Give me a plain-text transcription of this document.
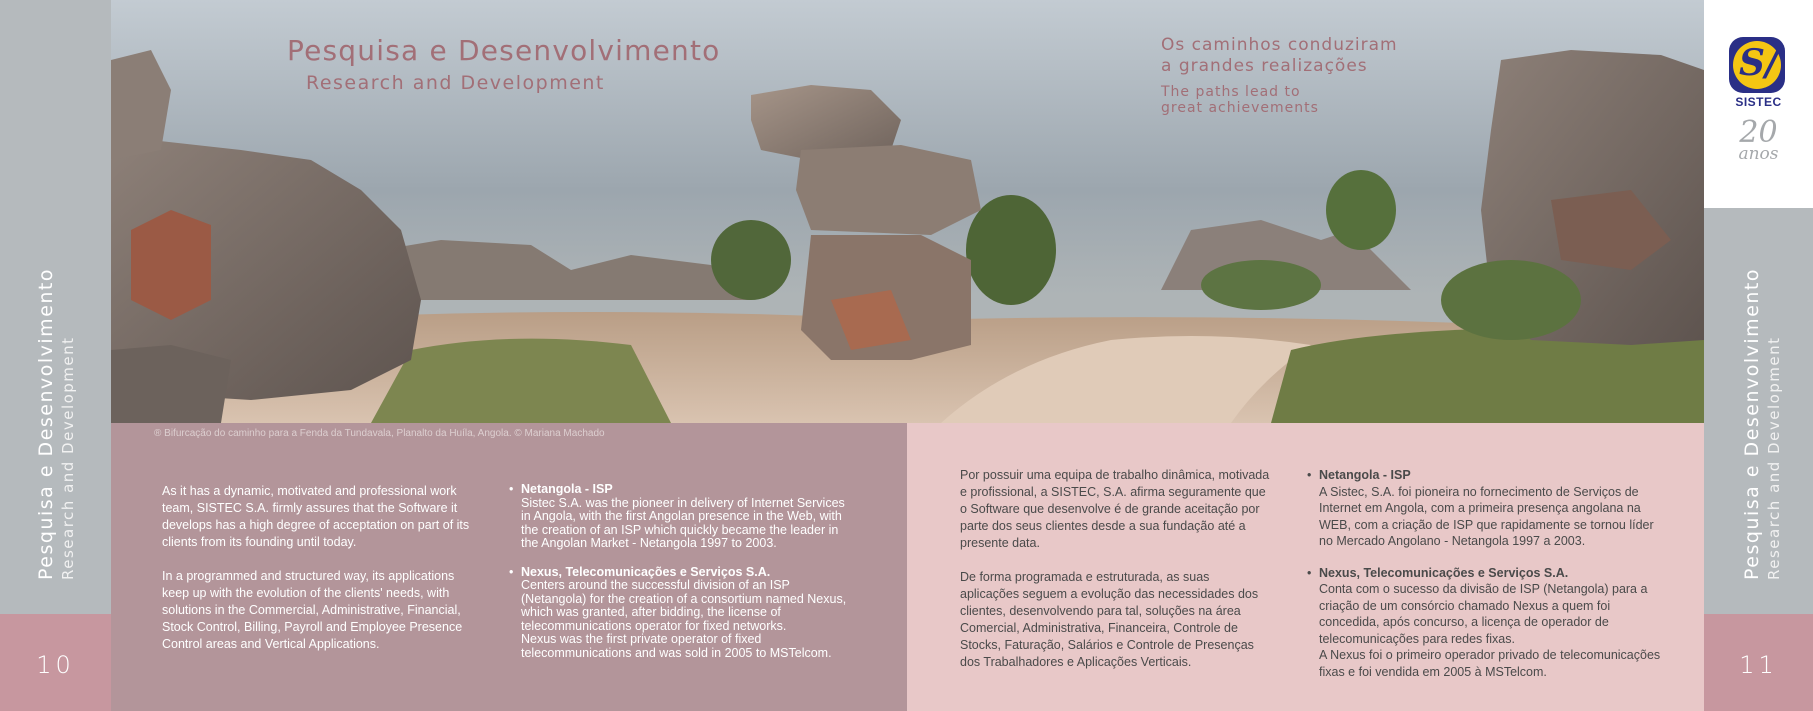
Pesquisa e Desenvolvimento Research and Development
10
Pesquisa e Desenvolvimento Research and Development
11
S/
SISTEC
20
anos
Pesquisa e Desenvolvimento
Research and Development
Os caminhos conduziram
a grandes realizações
The paths lead to
great achievements
® Bifurcação do caminho para a Fenda da Tundavala, Planalto da Huíla, Angola. © Mariana Machado

As it has a dynamic, motivated and professional work team, SISTEC S.A. firmly assures that the Software it develops has a high degree of acceptation on part of its clients from its founding until today.

In a programmed and structured way, its applications keep up with the evolution of the clients' needs, with solutions in the Commercial, Administrative, Financial, Stock Control, Billing, Payroll and Employee Presence Control areas and Vertical Applications.

• Netangola - ISP
Sistec S.A. was the pioneer in delivery of Internet Services in Angola, with the first Angolan presence in the Web, with the creation of an ISP which quickly became the leader in the Angolan Market - Netangola 1997 to 2003.
• Nexus, Telecomunicações e Serviços S.A.
Centers around the successful division of an ISP (Netangola) for the creation of a consortium named Nexus, which was granted, after bidding, the license of telecommunications operator for fixed networks.
Nexus was the first private operator of fixed telecommunications and was sold in 2005 to MSTelcom.

Por possuir uma equipa de trabalho dinâmica, motivada e profissional, a SISTEC, S.A. afirma seguramente que o Software que desenvolve é de grande aceitação por parte dos seus clientes desde a sua fundação até a presente data.

De forma programada e estruturada, as suas aplicações seguem a evolução das necessidades dos clientes, desenvolvendo para tal, soluções na área Comercial, Administrativa, Financeira, Controle de Stocks, Faturação, Salários e Controle de Presenças dos Trabalhadores e Aplicações Verticais.

• Netangola - ISP
A Sistec, S.A. foi pioneira no fornecimento de Serviços de Internet em Angola, com a primeira presença angolana na WEB, com a criação de ISP que rapidamente se tornou líder no Mercado Angolano - Netangola 1997 a 2003.
• Nexus, Telecomunicações e Serviços S.A.
Conta com o sucesso da divisão de ISP (Netangola) para a criação de um consórcio chamado Nexus a quem foi concedida, após concurso, a licença de operador de telecomunicações para redes fixas.
A Nexus foi o primeiro operador privado de telecomunicações fixas e foi vendida em 2005 à MSTelcom.
